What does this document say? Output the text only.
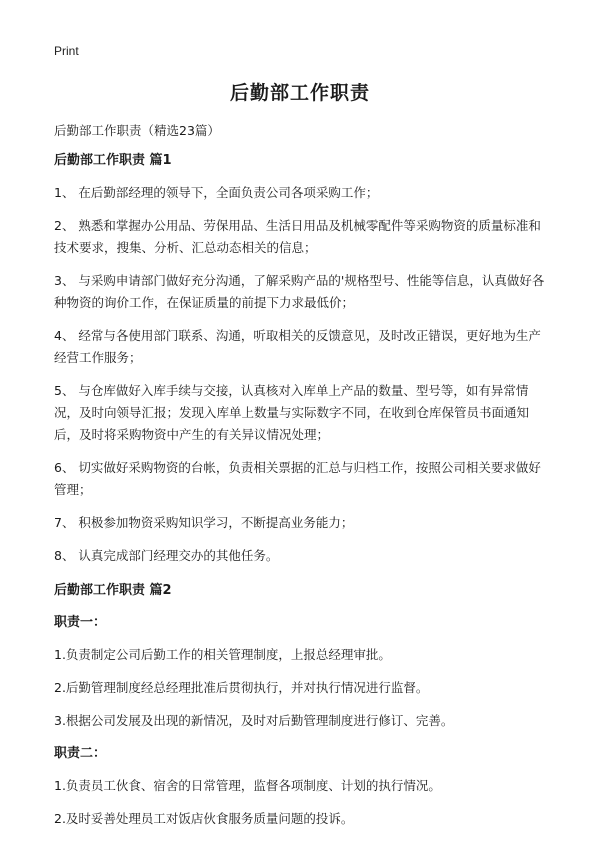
Print
后勤部工作职责

后勤部工作职责（精选23篇）

后勤部工作职责 篇1

1、 在后勤部经理的领导下，全面负责公司各项采购工作；

2、 熟悉和掌握办公用品、劳保用品、生活日用品及机械零配件等采购物资的质量标准和技术要求，搜集、分析、汇总动态相关的信息；

3、 与采购申请部门做好充分沟通，了解采购产品的'规格型号、性能等信息，认真做好各种物资的询价工作，在保证质量的前提下力求最低价；

4、 经常与各使用部门联系、沟通，听取相关的反馈意见，及时改正错误，更好地为生产经营工作服务；

5、 与仓库做好入库手续与交接，认真核对入库单上产品的数量、型号等，如有异常情况，及时向领导汇报；发现入库单上数量与实际数字不同，在收到仓库保管员书面通知后，及时将采购物资中产生的有关异议情况处理；

6、 切实做好采购物资的台帐，负责相关票据的汇总与归档工作，按照公司相关要求做好管理；

7、 积极参加物资采购知识学习，不断提高业务能力；

8、 认真完成部门经理交办的其他任务。

后勤部工作职责 篇2

职责一：

1.负责制定公司后勤工作的相关管理制度，上报总经理审批。

2.后勤管理制度经总经理批准后贯彻执行，并对执行情况进行监督。

3.根据公司发展及出现的新情况，及时对后勤管理制度进行修订、完善。

职责二：

1.负责员工伙食、宿舍的日常管理，监督各项制度、计划的执行情况。

2.及时妥善处理员工对饭店伙食服务质量问题的投诉。
